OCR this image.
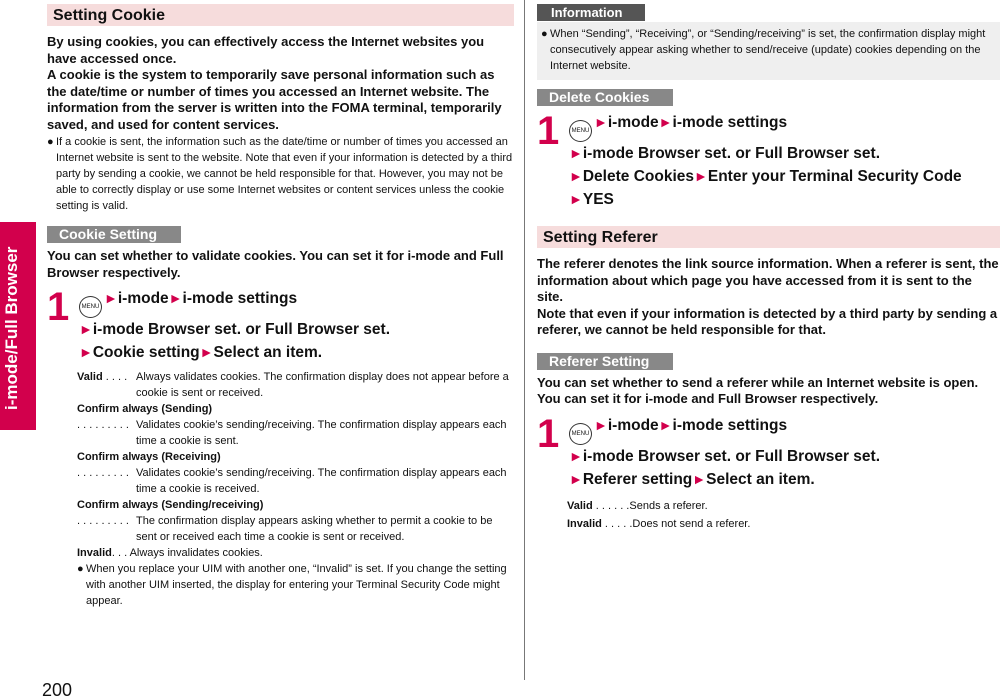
i-mode/Full Browser
200
Setting Cookie
By using cookies, you can effectively access the Internet websites you have accessed once.
A cookie is the system to temporarily save personal information such as the date/time or number of times you accessed an Internet website. The information from the server is written into the FOMA terminal, temporarily saved, and used for content services.
● If a cookie is sent, the information such as the date/time or number of times you accessed an Internet website is sent to the website. Note that even if your information is detected by a third party by sending a cookie, we cannot be held responsible for that. However, you may not be able to correctly display or use some Internet websites or content services unless the cookie setting is valid.
Cookie Setting
You can set whether to validate cookies. You can set it for i-mode and Full Browser respectively.
1	MENU►i-mode►i-mode settings
►i-mode Browser set. or Full Browser set.
►Cookie setting►Select an item.
Valid . . . . Always validates cookies. The confirmation display does not appear before a cookie is sent or received.
Confirm always (Sending)
. . . . . . . . . Validates cookie’s sending/receiving. The confirmation display appears each time a cookie is sent.
Confirm always (Receiving)
. . . . . . . . . Validates cookie’s sending/receiving. The confirmation display appears each time a cookie is received.
Confirm always (Sending/receiving)
. . . . . . . . . The confirmation display appears asking whether to permit a cookie to be sent or received each time a cookie is sent or received.
Invalid. . . Always invalidates cookies.
● When you replace your UIM with another one, “Invalid” is set. If you change the setting with another UIM inserted, the display for entering your Terminal Security Code might appear.
Information
● When “Sending”, “Receiving”, or “Sending/receiving” is set, the confirmation display might consecutively appear asking whether to send/receive (update) cookies depending on the Internet website.
Delete Cookies
1	MENU►i-mode►i-mode settings
►i-mode Browser set. or Full Browser set.
►Delete Cookies►Enter your Terminal Security Code
►YES
Setting Referer
The referer denotes the link source information. When a referer is sent, the information about which page you have accessed from it is sent to the site.
Note that even if your information is detected by a third party by sending a referer, we cannot be held responsible for that.
Referer Setting
You can set whether to send a referer while an Internet website is open. You can set it for i-mode and Full Browser respectively.
1	MENU►i-mode►i-mode settings
►i-mode Browser set. or Full Browser set.
►Referer setting►Select an item.
Valid . . . . . .Sends a referer.
Invalid . . . . .Does not send a referer.
